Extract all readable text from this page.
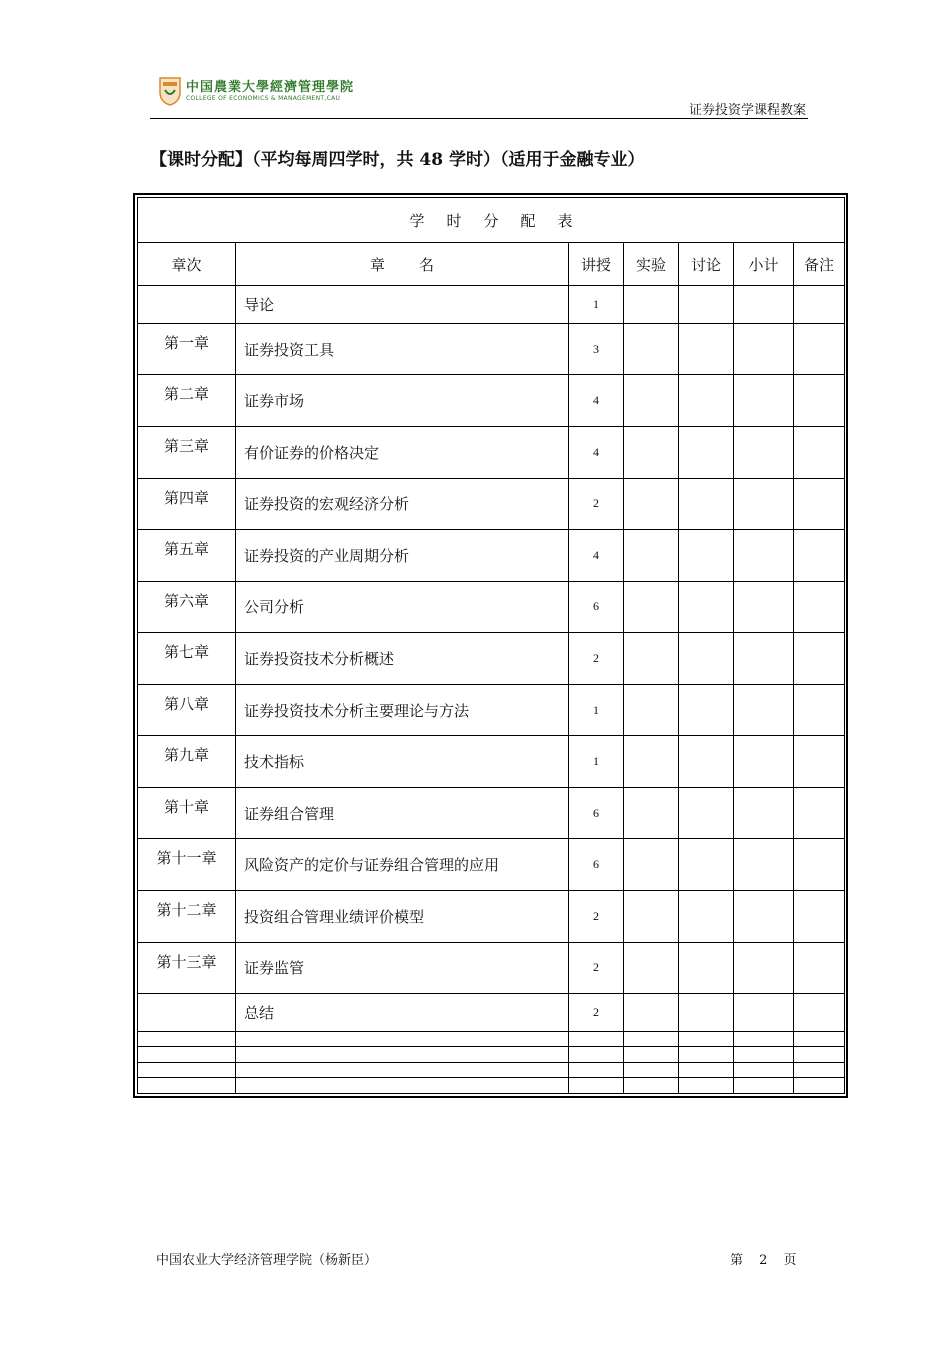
中国農業大學經濟管理學院
COLLEGE OF ECONOMICS & MANAGEMENT,CAU
证券投资学课程教案
【课时分配】（平均每周四学时，共 48 学时）（适用于金融专业）
学时分配表						
章次	章名	讲授	实验	讨论	小计	备注
	导论	1				
第一章	证券投资工具	3				
第二章	证券市场	4				
第三章	有价证券的价格决定	4				
第四章	证券投资的宏观经济分析	2				
第五章	证券投资的产业周期分析	4				
第六章	公司分析	6				
第七章	证券投资技术分析概述	2				
第八章	证券投资技术分析主要理论与方法	1				
第九章	技术指标	1				
第十章	证券组合管理	6				
第十一章	风险资产的定价与证券组合管理的应用	6				
第十二章	投资组合管理业绩评价模型	2				
第十三章	证券监管	2				
	总结	2				

中国农业大学经济管理学院（杨新臣）	第 2 页
